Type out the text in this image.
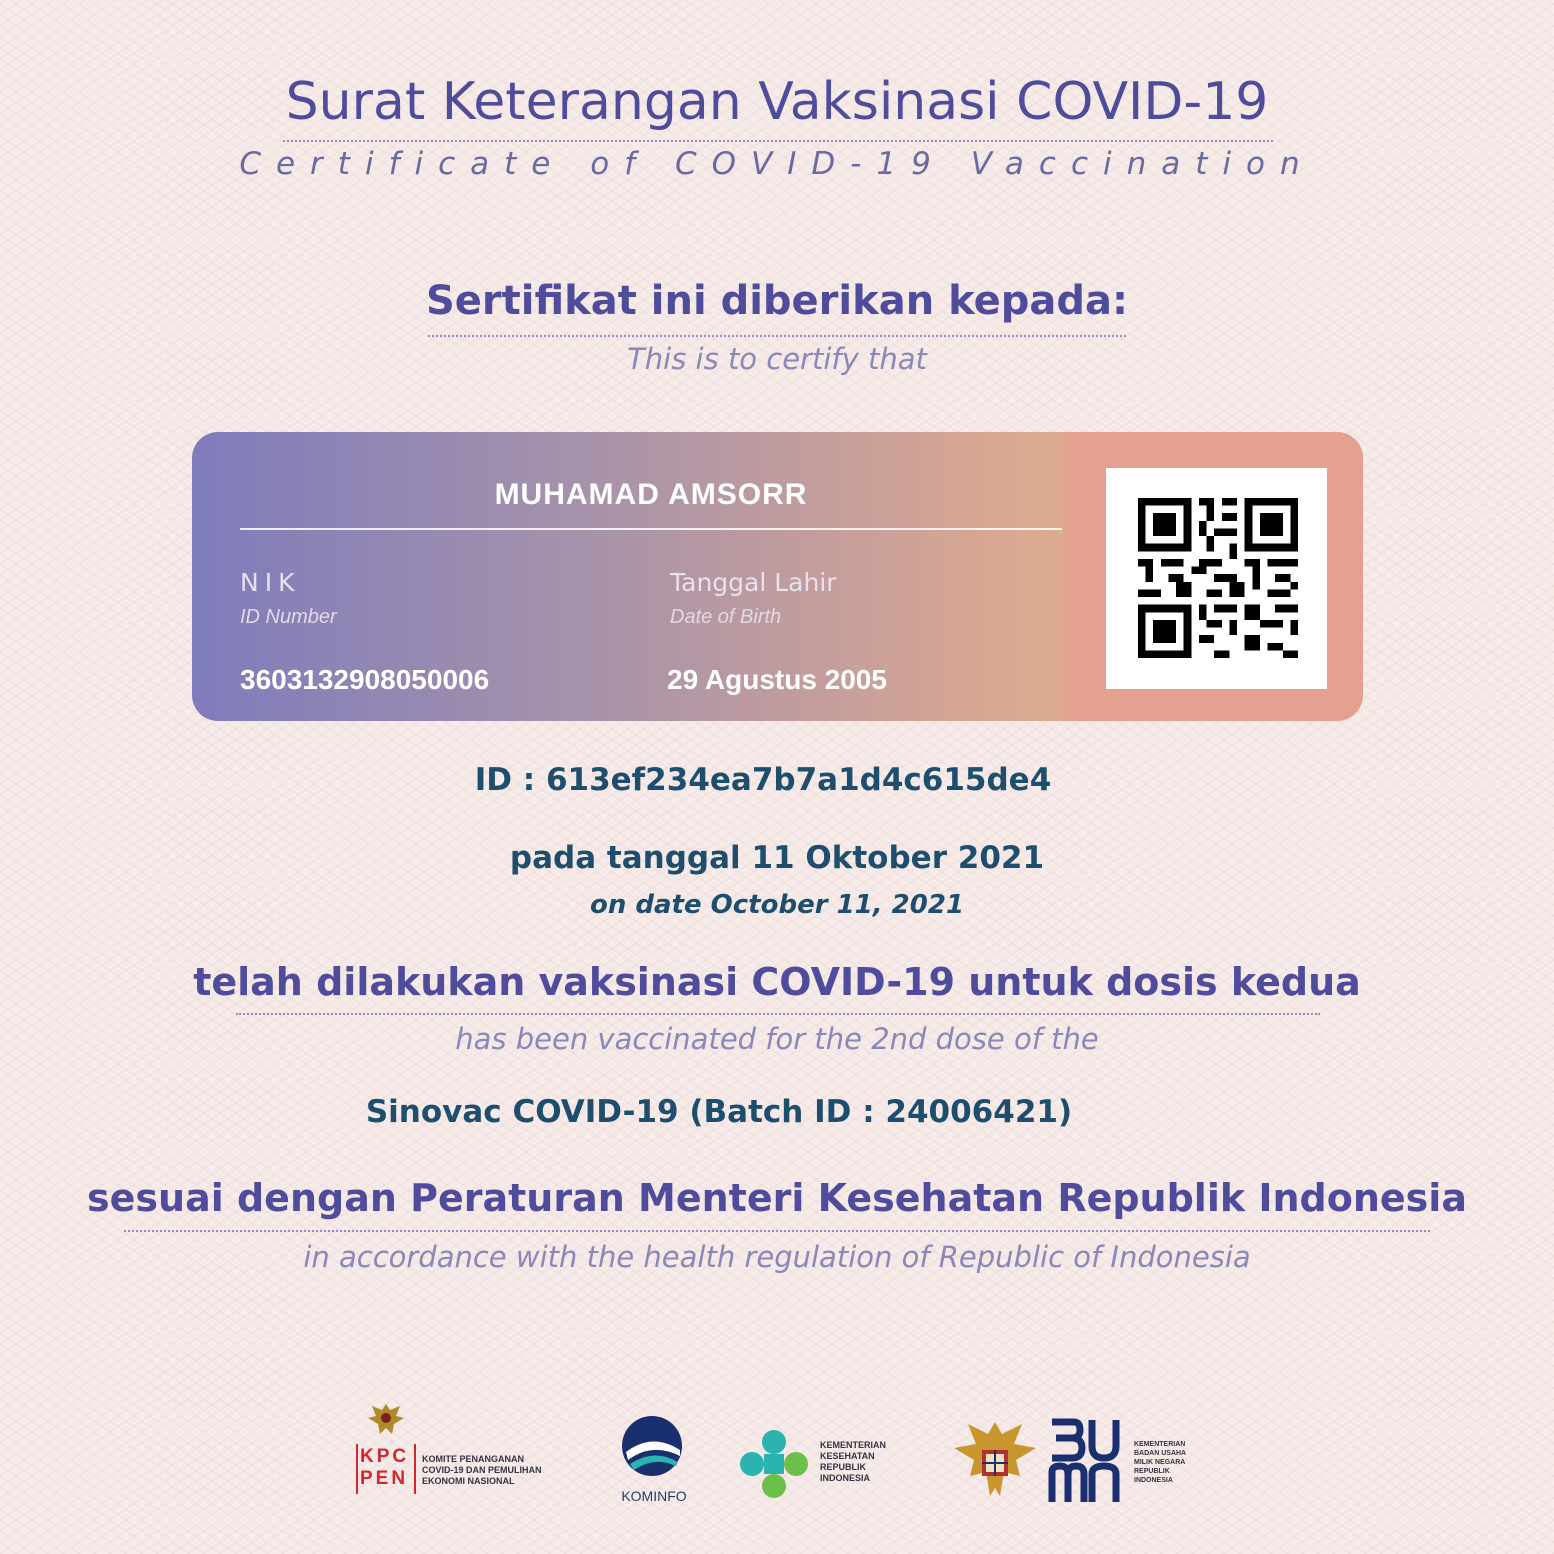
Surat Keterangan Vaksinasi COVID-19
Certificate of COVID-19 Vaccination
Sertifikat ini diberikan kepada:
This is to certify that
MUHAMAD AMSORR
NIK
ID Number
3603132908050006
Tanggal Lahir
Date of Birth
29 Agustus 2005
ID : 613ef234ea7b7a1d4c615de4
pada tanggal 11 Oktober 2021
on date October 11, 2021
telah dilakukan vaksinasi COVID-19 untuk dosis kedua
has been vaccinated for the 2nd dose of the
Sinovac COVID-19 (Batch ID : 24006421)
sesuai dengan Peraturan Menteri Kesehatan Republik Indonesia
in accordance with the health regulation of Republic of Indonesia
KPC
PEN
KOMITE PENANGANAN
COVID-19 DAN PEMULIHAN
EKONOMI NASIONAL
KOMINFO
KEMENTERIAN
KESEHATAN
REPUBLIK
INDONESIA
KEMENTERIAN
BADAN USAHA
MILIK NEGARA
REPUBLIK
INDONESIA
